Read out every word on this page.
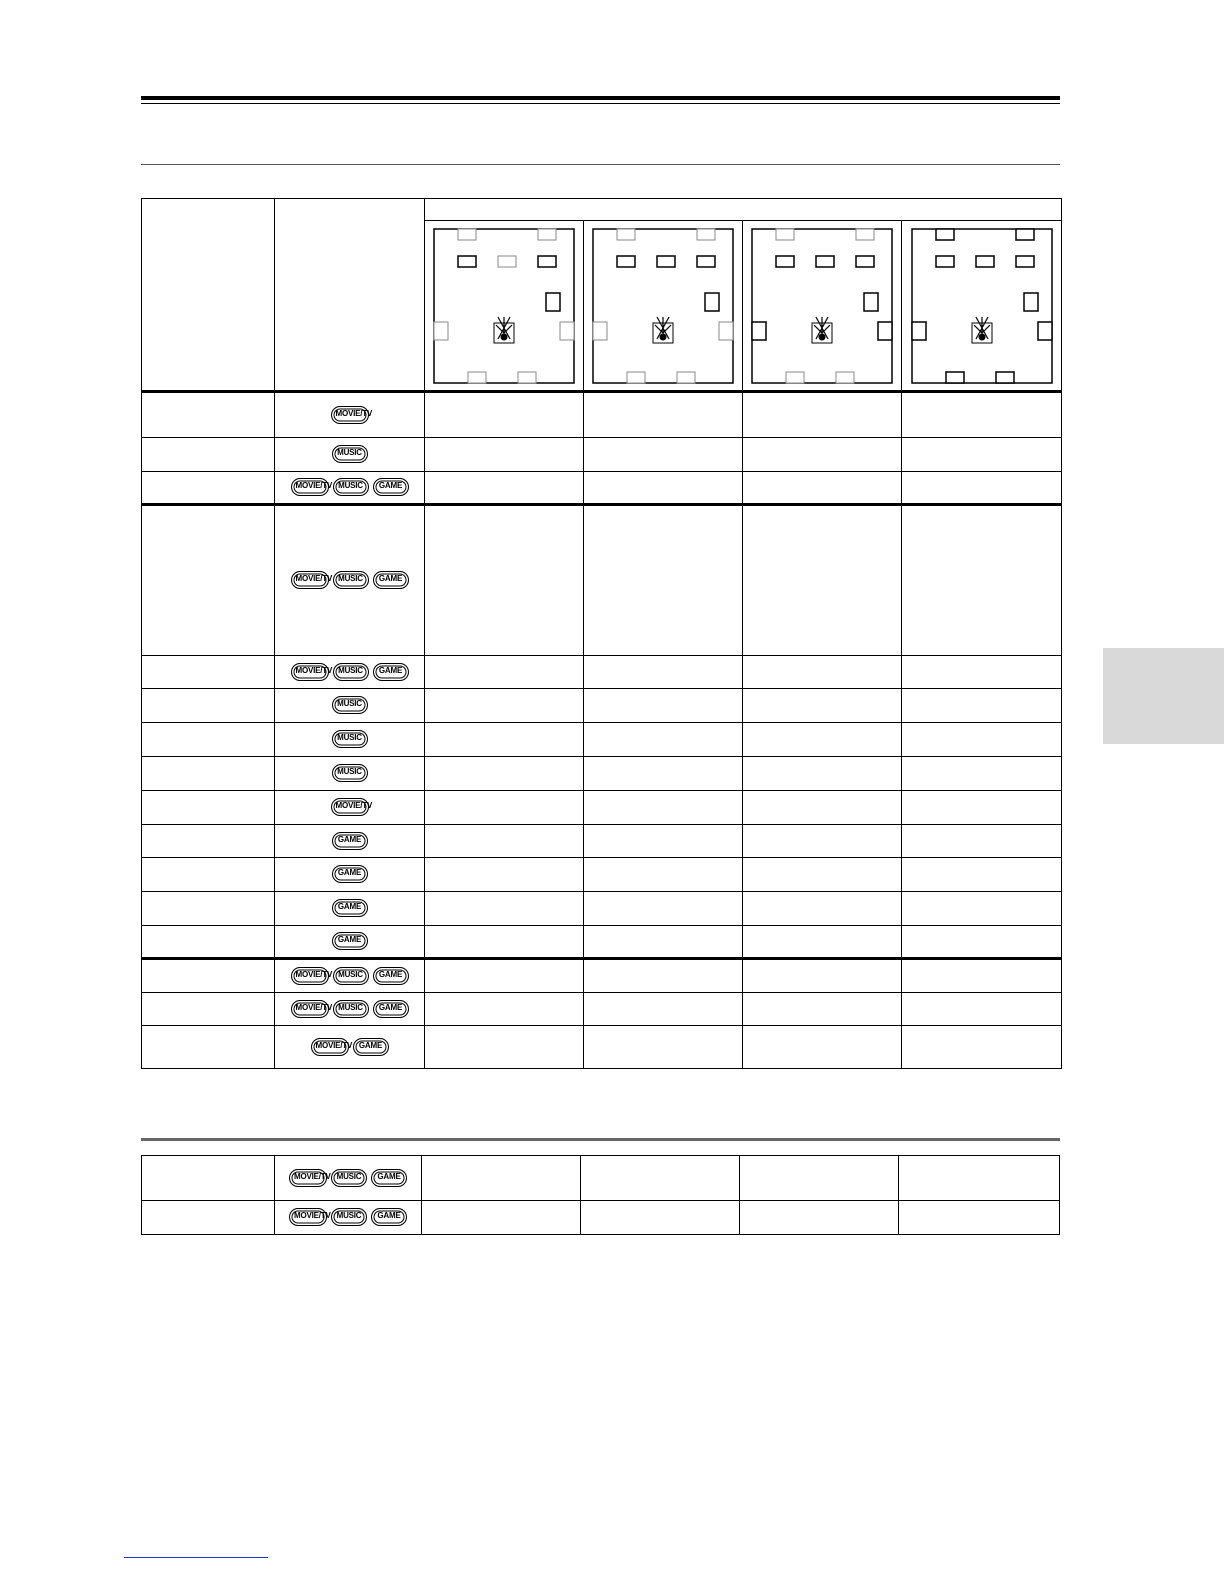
	MOVIE/TV				
	MUSIC				
	MOVIE/TV MUSIC GAME				
	MOVIE/TV MUSIC GAME				
	MOVIE/TV MUSIC GAME				
	MUSIC				
	MUSIC				
	MUSIC				
	MOVIE/TV				
	GAME				
	GAME				
	GAME				
	GAME				
	MOVIE/TV MUSIC GAME				
	MOVIE/TV MUSIC GAME				
	MOVIE/TV GAME				
	MOVIE/TV MUSIC GAME				
	MOVIE/TV MUSIC GAME				
